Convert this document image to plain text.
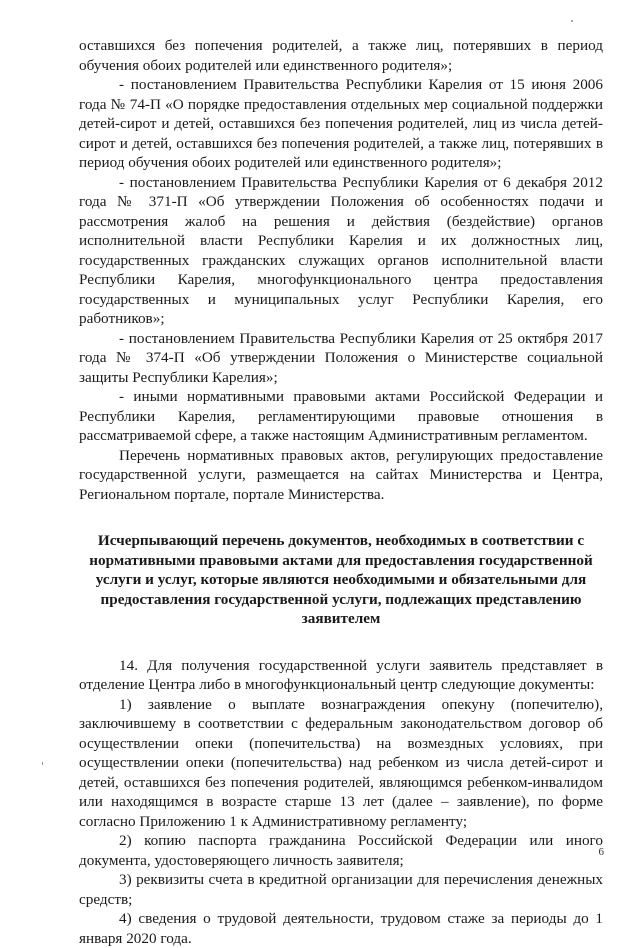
оставшихся без попечения родителей, а также лиц, потерявших в период обучения обоих родителей или единственного родителя»;

- постановлением Правительства Республики Карелия от 15 июня 2006 года № 74-П «О порядке предоставления отдельных мер социальной поддержки детей-сирот и детей, оставшихся без попечения родителей, лиц из числа детей-сирот и детей, оставшихся без попечения родителей, а также лиц, потерявших в период обучения обоих родителей или единственного родителя»;

- постановлением Правительства Республики Карелия от 6 декабря 2012 года № 371-П «Об утверждении Положения об особенностях подачи и рассмотрения жалоб на решения и действия (бездействие) органов исполнительной власти Республики Карелия и их должностных лиц, государственных гражданских служащих органов исполнительной власти Республики Карелия, многофункционального центра предоставления государственных и муниципальных услуг Республики Карелия, его работников»;

- постановлением Правительства Республики Карелия от 25 октября 2017 года № 374-П «Об утверждении Положения о Министерстве социальной защиты Республики Карелия»;

- иными нормативными правовыми актами Российской Федерации и Республики Карелия, регламентирующими правовые отношения в рассматриваемой сфере, а также настоящим Административным регламентом.

Перечень нормативных правовых актов, регулирующих предоставление государственной услуги, размещается на сайтах Министерства и Центра, Региональном портале, портале Министерства.

Исчерпывающий перечень документов, необходимых в соответствии с нормативными правовыми актами для предоставления государственной услуги и услуг, которые являются необходимыми и обязательными для предоставления государственной услуги, подлежащих представлению заявителем

14. Для получения государственной услуги заявитель представляет в отделение Центра либо в многофункциональный центр следующие документы:

1) заявление о выплате вознаграждения опекуну (попечителю), заключившему в соответствии с федеральным законодательством договор об осуществлении опеки (попечительства) на возмездных условиях, при осуществлении опеки (попечительства) над ребенком из числа детей-сирот и детей, оставшихся без попечения родителей, являющимся ребенком-инвалидом или находящимся в возрасте старше 13 лет (далее – заявление), по форме согласно Приложению 1 к Административному регламенту;

2) копию паспорта гражданина Российской Федерации или иного документа, удостоверяющего личность заявителя;

3) реквизиты счета в кредитной организации для перечисления денежных средств;

4) сведения о трудовой деятельности, трудовом стаже за периоды до 1 января 2020 года.

6
